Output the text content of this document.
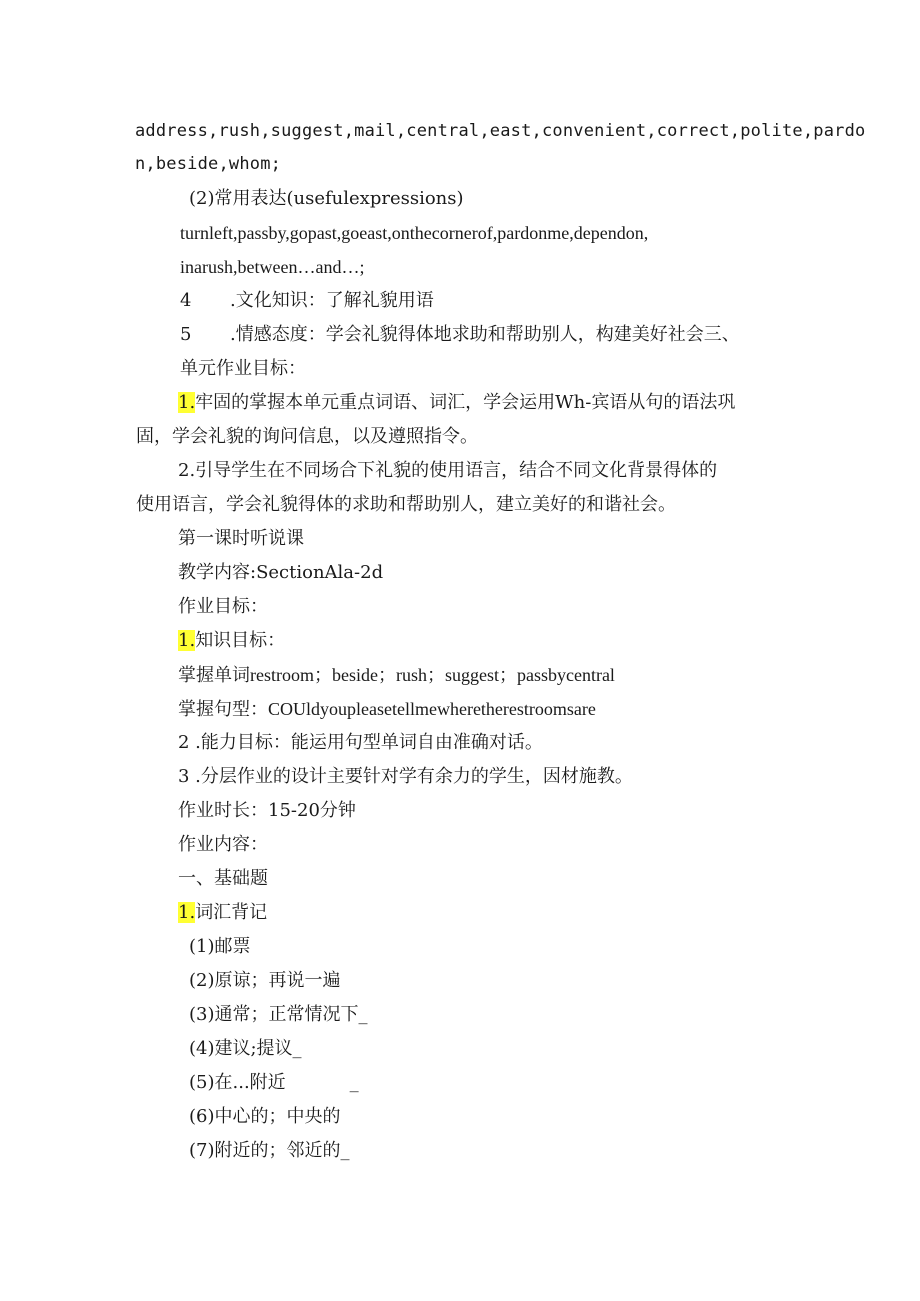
address,rush,suggest,mail,central,east,convenient,correct,polite,pardo
n,beside,whom;
(2)常用表达(usefulexpressions)
turnleft,passby,gopast,goeast,onthecornerof,pardonme,dependon,
inarush,between…and…;
4 .文化知识：了解礼貌用语
5 .情感态度：学会礼貌得体地求助和帮助别人，构建美好社会三、
单元作业目标：
1.牢固的掌握本单元重点词语、词汇，学会运用Wh-宾语从句的语法巩
固，学会礼貌的询问信息，以及遵照指令。
2.引导学生在不同场合下礼貌的使用语言，结合不同文化背景得体的
使用语言，学会礼貌得体的求助和帮助别人，建立美好的和谐社会。
第一课时听说课
教学内容:SectionAla-2d
作业目标：
1.知识目标：
掌握单词restroom；beside；rush；suggest；passbycentral
掌握句型：COUldyoupleasetellmewheretherestroomsare
2 .能力目标：能运用句型单词自由准确对话。
3 .分层作业的设计主要针对学有余力的学生，因材施教。
作业时长：15-20分钟
作业内容：
一、基础题
1.词汇背记
(1)邮票
(2)原谅；再说一遍
(3)通常；正常情况下_
(4)建议;提议_
(5)在...附近	_
(6)中心的；中央的
(7)附近的；邻近的_
